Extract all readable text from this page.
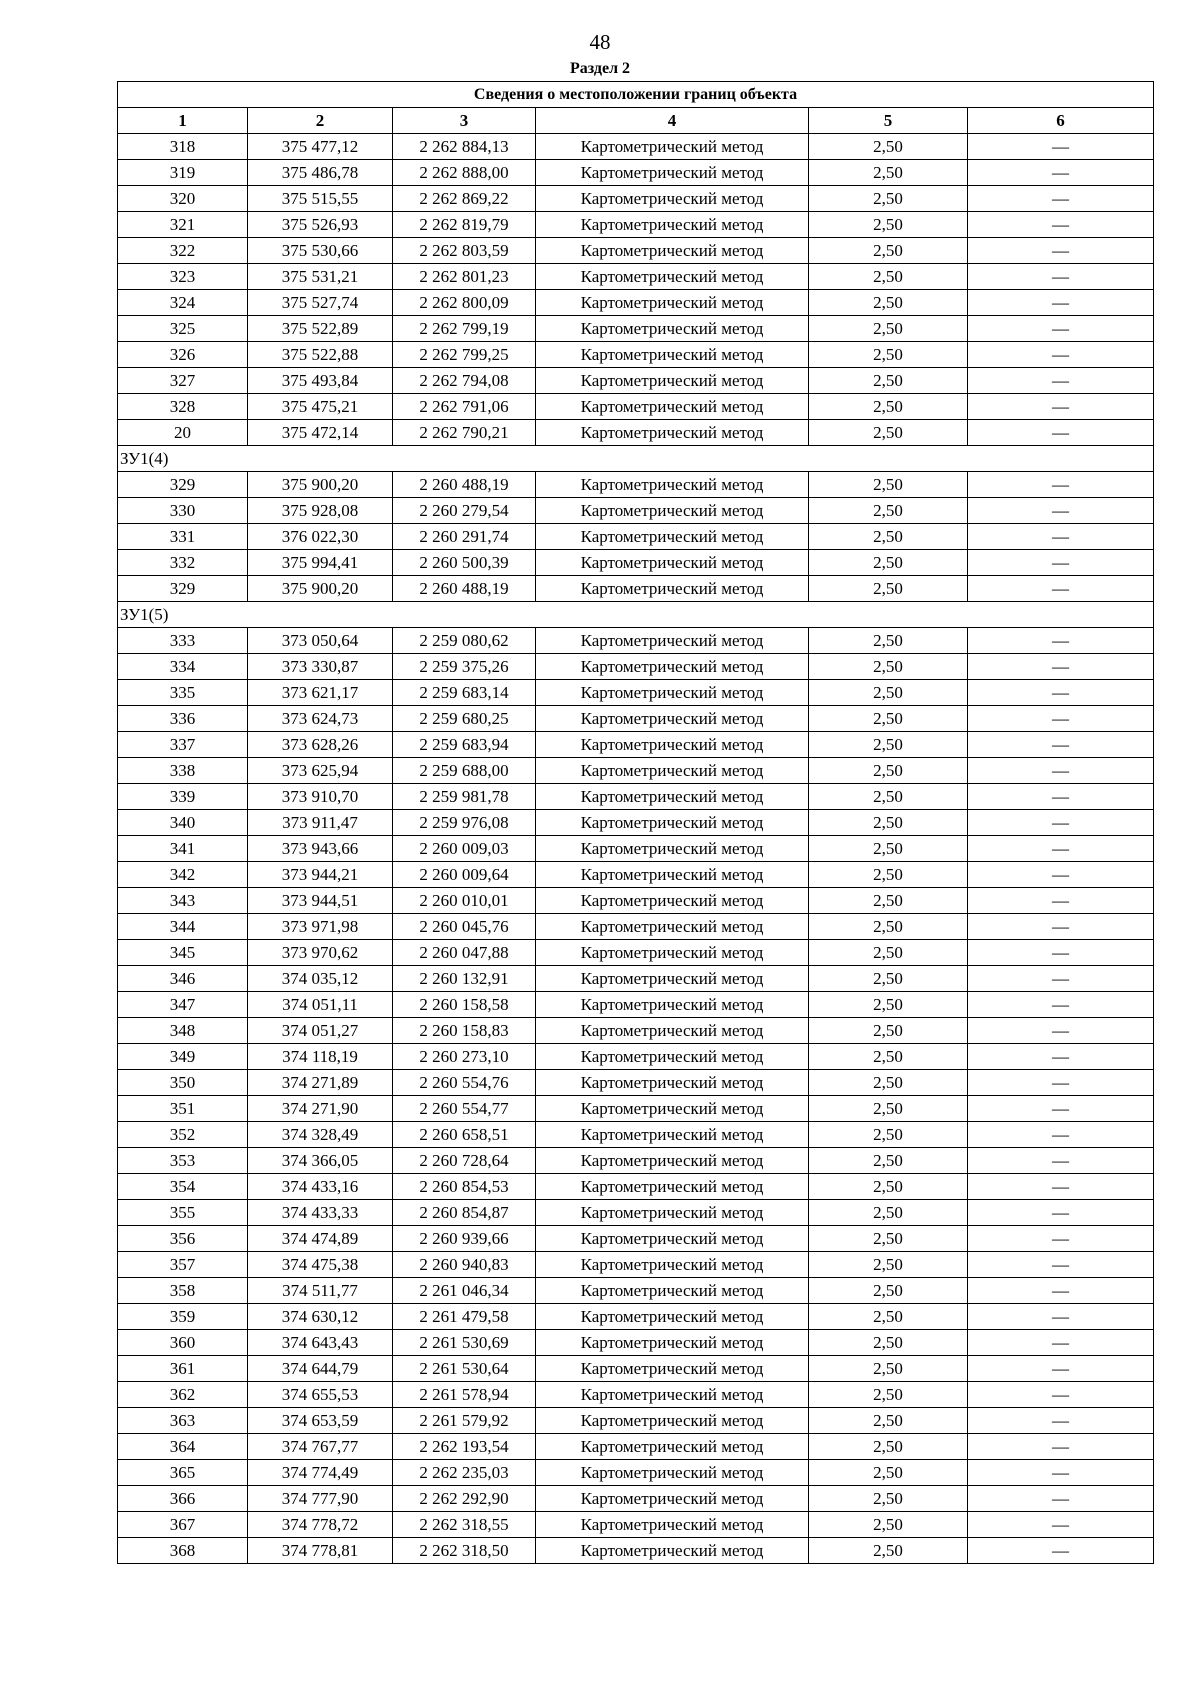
48
Раздел 2
Сведения о местоположении границ объекта					
1	2	3	4	5	6
318	375 477,12	2 262 884,13	Картометрический метод	2,50	—
319	375 486,78	2 262 888,00	Картометрический метод	2,50	—
320	375 515,55	2 262 869,22	Картометрический метод	2,50	—
321	375 526,93	2 262 819,79	Картометрический метод	2,50	—
322	375 530,66	2 262 803,59	Картометрический метод	2,50	—
323	375 531,21	2 262 801,23	Картометрический метод	2,50	—
324	375 527,74	2 262 800,09	Картометрический метод	2,50	—
325	375 522,89	2 262 799,19	Картометрический метод	2,50	—
326	375 522,88	2 262 799,25	Картометрический метод	2,50	—
327	375 493,84	2 262 794,08	Картометрический метод	2,50	—
328	375 475,21	2 262 791,06	Картометрический метод	2,50	—
20	375 472,14	2 262 790,21	Картометрический метод	2,50	—
ЗУ1(4)					
329	375 900,20	2 260 488,19	Картометрический метод	2,50	—
330	375 928,08	2 260 279,54	Картометрический метод	2,50	—
331	376 022,30	2 260 291,74	Картометрический метод	2,50	—
332	375 994,41	2 260 500,39	Картометрический метод	2,50	—
329	375 900,20	2 260 488,19	Картометрический метод	2,50	—
ЗУ1(5)					
333	373 050,64	2 259 080,62	Картометрический метод	2,50	—
334	373 330,87	2 259 375,26	Картометрический метод	2,50	—
335	373 621,17	2 259 683,14	Картометрический метод	2,50	—
336	373 624,73	2 259 680,25	Картометрический метод	2,50	—
337	373 628,26	2 259 683,94	Картометрический метод	2,50	—
338	373 625,94	2 259 688,00	Картометрический метод	2,50	—
339	373 910,70	2 259 981,78	Картометрический метод	2,50	—
340	373 911,47	2 259 976,08	Картометрический метод	2,50	—
341	373 943,66	2 260 009,03	Картометрический метод	2,50	—
342	373 944,21	2 260 009,64	Картометрический метод	2,50	—
343	373 944,51	2 260 010,01	Картометрический метод	2,50	—
344	373 971,98	2 260 045,76	Картометрический метод	2,50	—
345	373 970,62	2 260 047,88	Картометрический метод	2,50	—
346	374 035,12	2 260 132,91	Картометрический метод	2,50	—
347	374 051,11	2 260 158,58	Картометрический метод	2,50	—
348	374 051,27	2 260 158,83	Картометрический метод	2,50	—
349	374 118,19	2 260 273,10	Картометрический метод	2,50	—
350	374 271,89	2 260 554,76	Картометрический метод	2,50	—
351	374 271,90	2 260 554,77	Картометрический метод	2,50	—
352	374 328,49	2 260 658,51	Картометрический метод	2,50	—
353	374 366,05	2 260 728,64	Картометрический метод	2,50	—
354	374 433,16	2 260 854,53	Картометрический метод	2,50	—
355	374 433,33	2 260 854,87	Картометрический метод	2,50	—
356	374 474,89	2 260 939,66	Картометрический метод	2,50	—
357	374 475,38	2 260 940,83	Картометрический метод	2,50	—
358	374 511,77	2 261 046,34	Картометрический метод	2,50	—
359	374 630,12	2 261 479,58	Картометрический метод	2,50	—
360	374 643,43	2 261 530,69	Картометрический метод	2,50	—
361	374 644,79	2 261 530,64	Картометрический метод	2,50	—
362	374 655,53	2 261 578,94	Картометрический метод	2,50	—
363	374 653,59	2 261 579,92	Картометрический метод	2,50	—
364	374 767,77	2 262 193,54	Картометрический метод	2,50	—
365	374 774,49	2 262 235,03	Картометрический метод	2,50	—
366	374 777,90	2 262 292,90	Картометрический метод	2,50	—
367	374 778,72	2 262 318,55	Картометрический метод	2,50	—
368	374 778,81	2 262 318,50	Картометрический метод	2,50	—
